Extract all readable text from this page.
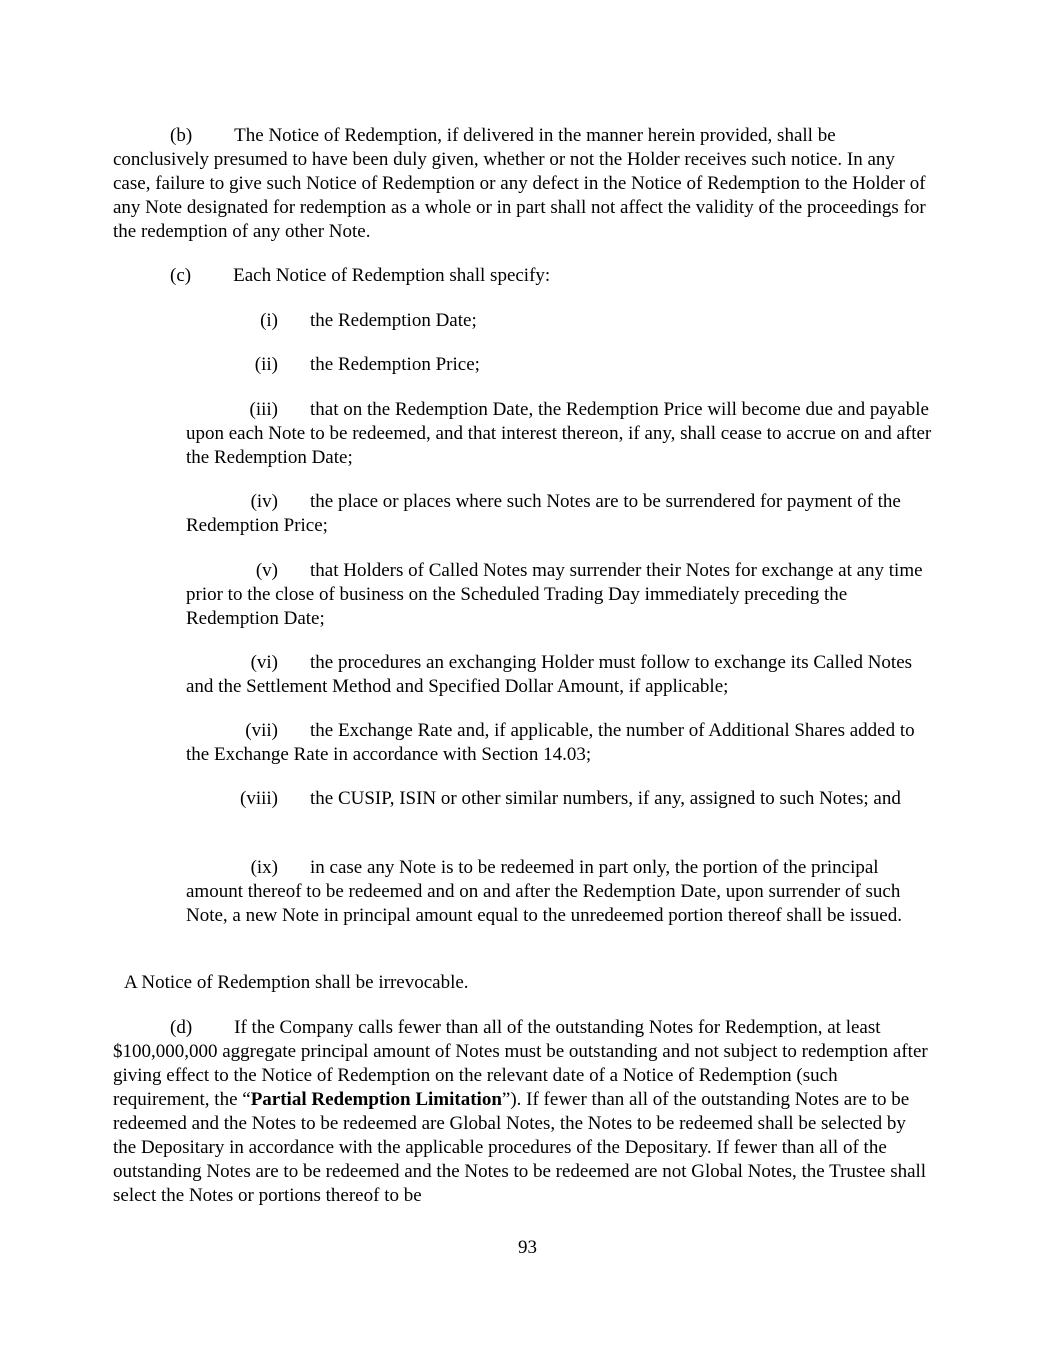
(b) The Notice of Redemption, if delivered in the manner herein provided, shall be conclusively presumed to have been duly given, whether or not the Holder receives such notice. In any case, failure to give such Notice of Redemption or any defect in the Notice of Redemption to the Holder of any Note designated for redemption as a whole or in part shall not affect the validity of the proceedings for the redemption of any other Note.

(c) Each Notice of Redemption shall specify:

(i) the Redemption Date;

(ii) the Redemption Price;

(iii) that on the Redemption Date, the Redemption Price will become due and payable upon each Note to be redeemed, and that interest thereon, if any, shall cease to accrue on and after the Redemption Date;

(iv) the place or places where such Notes are to be surrendered for payment of the Redemption Price;

(v) that Holders of Called Notes may surrender their Notes for exchange at any time prior to the close of business on the Scheduled Trading Day immediately preceding the Redemption Date;

(vi) the procedures an exchanging Holder must follow to exchange its Called Notes and the Settlement Method and Specified Dollar Amount, if applicable;

(vii) the Exchange Rate and, if applicable, the number of Additional Shares added to the Exchange Rate in accordance with Section 14.03;

(viii) the CUSIP, ISIN or other similar numbers, if any, assigned to such Notes; and

(ix) in case any Note is to be redeemed in part only, the portion of the principal amount thereof to be redeemed and on and after the Redemption Date, upon surrender of such Note, a new Note in principal amount equal to the unredeemed portion thereof shall be issued.

A Notice of Redemption shall be irrevocable.

(d) If the Company calls fewer than all of the outstanding Notes for Redemption, at least $100,000,000 aggregate principal amount of Notes must be outstanding and not subject to redemption after giving effect to the Notice of Redemption on the relevant date of a Notice of Redemption (such requirement, the “Partial Redemption Limitation”). If fewer than all of the outstanding Notes are to be redeemed and the Notes to be redeemed are Global Notes, the Notes to be redeemed shall be selected by the Depositary in accordance with the applicable procedures of the Depositary. If fewer than all of the outstanding Notes are to be redeemed and the Notes to be redeemed are not Global Notes, the Trustee shall select the Notes or portions thereof to be

93
